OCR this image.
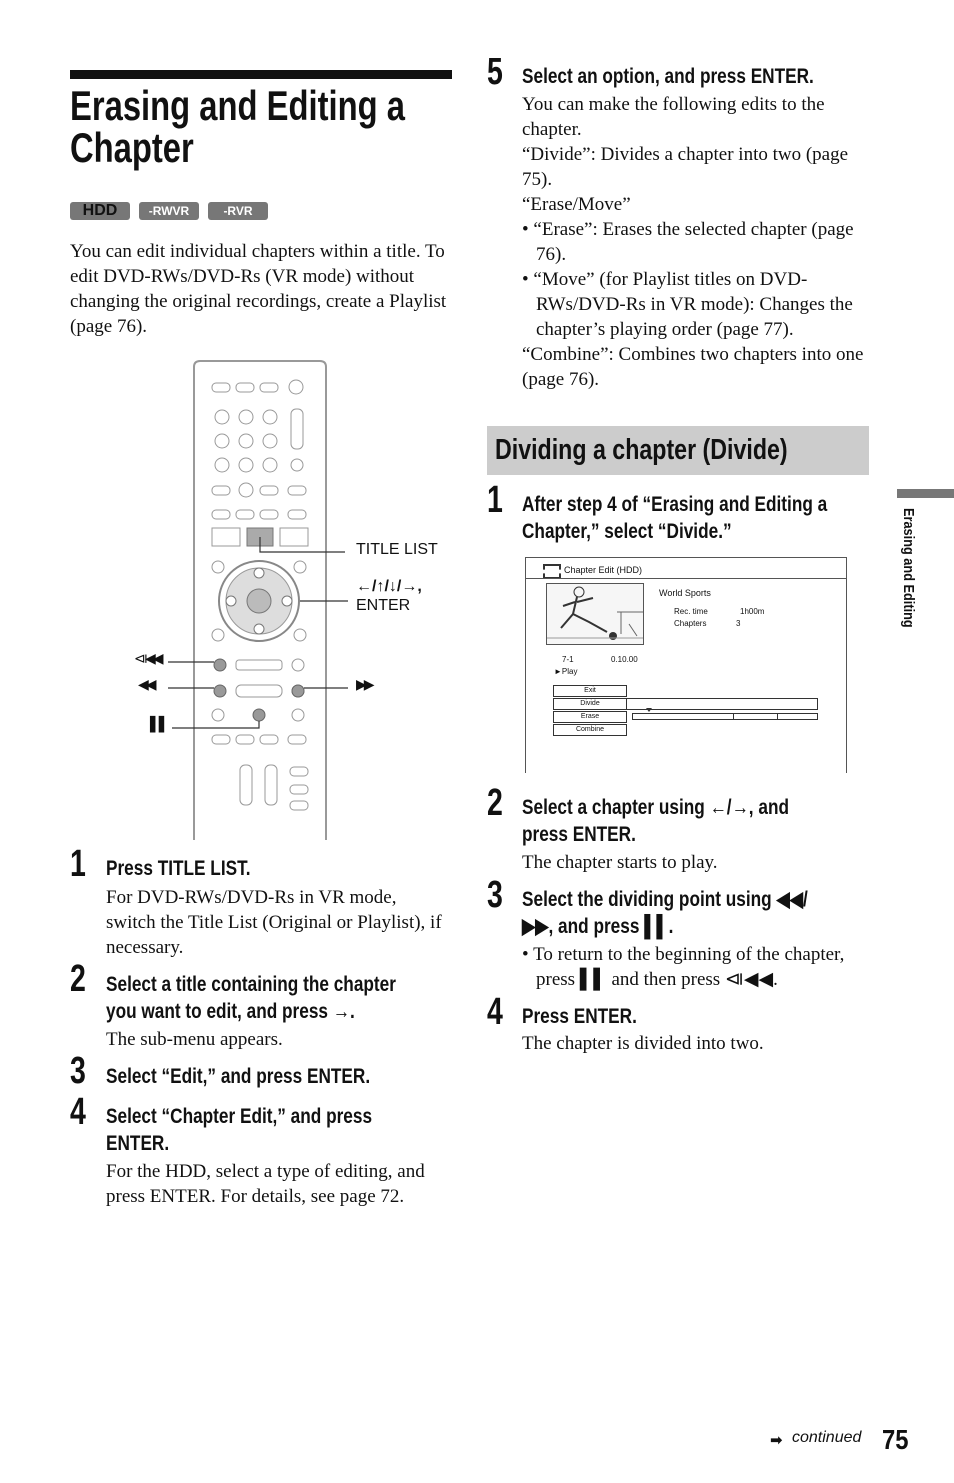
Erasing and Editing a
Chapter
HDD	-RWVR	-RVR
You can edit individual chapters within a title. To edit DVD-RWs/DVD-Rs (VR mode) without changing the original recordings, create a Playlist (page 76).
TITLE LIST
←/↑/↓/→,
ENTER
⧏◀◀
◀◀	▶▶
▌▌
1 Press TITLE LIST.
For DVD-RWs/DVD-Rs in VR mode, switch the Title List (Original or Playlist), if necessary.
2 Select a title containing the chapter
you want to edit, and press →.
The sub-menu appears.
3 Select “Edit,” and press ENTER.
4 Select “Chapter Edit,” and press
ENTER.
For the HDD, select a type of editing, and press ENTER. For details, see page 72.
5 Select an option, and press ENTER.
You can make the following edits to the chapter.
“Divide”: Divides a chapter into two (page 75).
“Erase/Move”
• “Erase”: Erases the selected chapter (page 76).
• “Move” (for Playlist titles on DVD-RWs/DVD-Rs in VR mode): Changes the chapter’s playing order (page 77).
“Combine”: Combines two chapters into one (page 76).
Dividing a chapter (Divide)
1 After step 4 of “Erasing and Editing a
Chapter,” select “Divide.”
Chapter Edit (HDD)
World Sports
Rec. time	1h00m
Chapters	3
7-1	0.10.00
►Play
Exit
Divide
Erase
Combine
2 Select a chapter using ←/→, and
press ENTER.
The chapter starts to play.
3 Select the dividing point using ◀◀/
▶▶, and press ▌▌.
• To return to the beginning of the chapter, press ▌▌ and then press ⧏◀◀.
4 Press ENTER.
The chapter is divided into two.
Erasing and Editing
➡ continued 75
